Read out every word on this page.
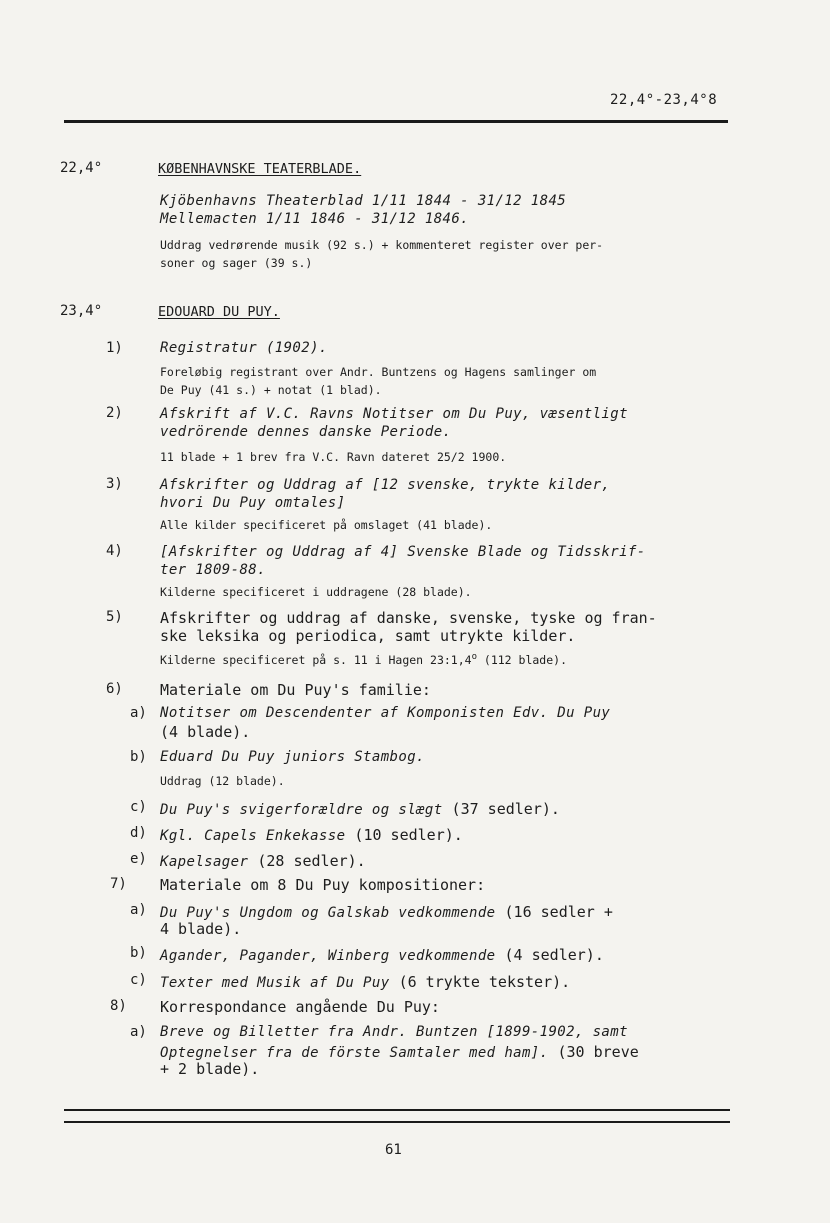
22,4°-23,4°8
22,4°	KØBENHAVNSKE TEATERBLADE.
Kjöbenhavns Theaterblad 1/11 1844 - 31/12 1845
Mellemacten 1/11 1846 - 31/12 1846.
Uddrag vedrørende musik (92 s.) + kommenteret register over per-
soner og sager (39 s.)
23,4°	EDOUARD DU PUY.
1)	Registratur (1902).
Foreløbig registrant over Andr. Buntzens og Hagens samlinger om
De Puy (41 s.) + notat (1 blad).
2)	Afskrift af V.C. Ravns Notitser om Du Puy, væsentligt
vedrörende dennes danske Periode.
11 blade + 1 brev fra V.C. Ravn dateret 25/2 1900.
3)	Afskrifter og Uddrag af [12 svenske, trykte kilder,
hvori Du Puy omtales]
Alle kilder specificeret på omslaget (41 blade).
4)	[Afskrifter og Uddrag af 4] Svenske Blade og Tidsskrif-
ter 1809-88.
Kilderne specificeret i uddragene (28 blade).
5) Afskrifter og uddrag af danske, svenske, tyske og fran-
ske leksika og periodica, samt utrykte kilder.
Kilderne specificeret på s. 11 i Hagen 23:1,4$^o$ (112 blade).
6) Materiale om Du Puy's familie:
a) Notitser om Descendenter af Komponisten Edv. Du Puy
(4 blade).
b) Eduard Du Puy juniors Stambog.
Uddrag (12 blade).
c) Du Puy's svigerforældre og slægt (37 sedler).
d) Kgl. Capels Enkekasse (10 sedler).
e) Kapelsager (28 sedler).
7) Materiale om 8 Du Puy kompositioner:
a) Du Puy's Ungdom og Galskab vedkommende (16 sedler +
4 blade).
b) Agander, Pagander, Winberg vedkommende (4 sedler).
c) Texter med Musik af Du Puy (6 trykte tekster).
8) Korrespondance angående Du Puy:
a) Breve og Billetter fra Andr. Buntzen [1899-1902, samt
Optegnelser fra de förste Samtaler med ham]. (30 breve
+ 2 blade).
61
